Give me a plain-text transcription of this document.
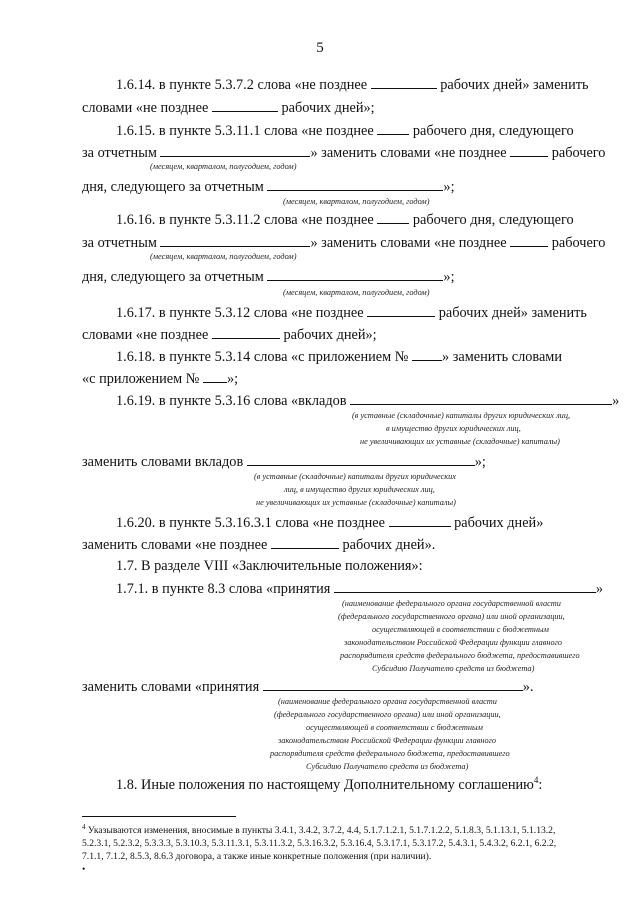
5
1.6.14. в пункте 5.3.7.2 слова «не позднее	рабочих дней» заменить
словами «не позднее	рабочих дней»;
1.6.15. в пункте 5.3.11.1 слова «не позднее	рабочего дня, следующего
за отчетным	» заменить словами «не позднее	рабочего
(месяцем, кварталом, полугодием, годом)
дня, следующего за отчетным	»;
(месяцем, кварталом, полугодием, годом)
1.6.16. в пункте 5.3.11.2 слова «не позднее	рабочего дня, следующего
за отчетным	» заменить словами «не позднее	рабочего
(месяцем, кварталом, полугодием, годом)
дня, следующего за отчетным	»;
(месяцем, кварталом, полугодием, годом)
1.6.17. в пункте 5.3.12 слова «не позднее	рабочих дней» заменить
словами «не позднее	рабочих дней»;
1.6.18. в пункте 5.3.14 слова «с приложением № » заменить словами
«с приложением № »;
1.6.19. в пункте 5.3.16 слова «вкладов	»
(в уставные (складочные) капиталы других юридических лиц,
в имущество других юридических лиц,
не увеличивающих их уставные (складочные) капиталы)
заменить словами вкладов	»;
(в уставные (складочные) капиталы других юридических
лиц, в имущество других юридических лиц,
не увеличивающих их уставные (складочные) капиталы)
1.6.20. в пункте 5.3.16.3.1 слова «не позднее	рабочих дней»
заменить словами «не позднее	рабочих дней».
1.7. В разделе VIII «Заключительные положения»:
1.7.1. в пункте 8.3 слова «принятия	»
(наименование федерального органа государственной власти
(федерального государственного органа) или иной организации,
осуществляющей в соответствии с бюджетным
законодательством Российской Федерации функции главного
распорядителя средств федерального бюджета, предоставившего
Субсидию Получателю средств из бюджета)
заменить словами «принятия	».
(наименование федерального органа государственной власти
(федерального государственного органа) или иной организации,
осуществляющей в соответствии с бюджетным
законодательством Российской Федерации функции главного
распорядителя средств федерального бюджета, предоставившего
Субсидию Получателю средств из бюджета)
1.8. Иные положения по настоящему Дополнительному соглашению$^4$:
$^4$ Указываются изменения, вносимые в пункты 3.4.1, 3.4.2, 3.7.2, 4.4, 5.1.7.1.2.1, 5.1.7.1.2.2, 5.1.8.3, 5.1.13.1, 5.1.13.2,
5.2.3.1, 5.2.3.2, 5.3.3.3, 5.3.10.3, 5.3.11.3.1, 5.3.11.3.2, 5.3.16.3.2, 5.3.16.4, 5.3.17.1, 5.3.17.2, 5.4.3.1, 5.4.3.2, 6.2.1, 6.2.2,
7.1.1, 7.1.2, 8.5.3, 8.6.3 договора, а также иные конкретные положения (при наличии).
•
